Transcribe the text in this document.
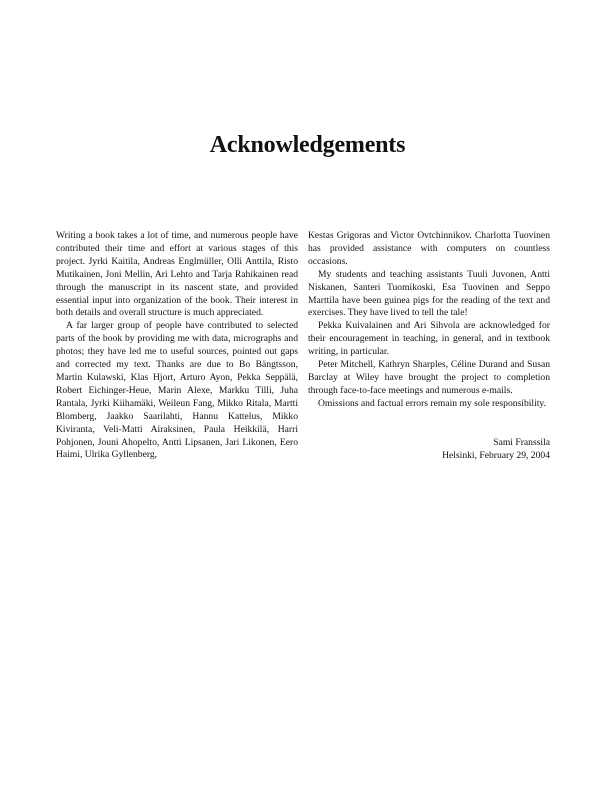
Acknowledgements

Writing a book takes a lot of time, and numerous people have contributed their time and effort at various stages of this project. Jyrki Kaitila, Andreas Englmüller, Olli Anttila, Risto Mutikainen, Joni Mellin, Ari Lehto and Tarja Rahikainen read through the manuscript in its nascent state, and provided essential input into organization of the book. Their interest in both details and overall structure is much appreciated.

A far larger group of people have contributed to selected parts of the book by providing me with data, micrographs and photos; they have led me to useful sources, pointed out gaps and corrected my text. Thanks are due to Bo Bängtsson, Martin Kulawski, Klas Hjort, Arturo Ayon, Pekka Seppälä, Robert Eichinger-Heue, Marin Alexe, Markku Tilli, Juha Rantala, Jyrki Kiihamäki, Weileun Fang, Mikko Ritala, Martti Blomberg, Jaakko Saarilahti, Hannu Kattelus, Mikko Kiviranta, Veli-Matti Airaksinen, Paula Heikkilä, Harri Pohjonen, Jouni Ahopelto, Antti Lipsanen, Jari Likonen, Eero Haimi, Ulrika Gyllenberg,

Kestas Grigoras and Victor Ovtchinnikov. Charlotta Tuovinen has provided assistance with computers on countless occasions.

My students and teaching assistants Tuuli Juvonen, Antti Niskanen, Santeri Tuomikoski, Esa Tuovinen and Seppo Marttila have been guinea pigs for the reading of the text and exercises. They have lived to tell the tale!

Pekka Kuivalainen and Ari Sihvola are acknowledged for their encouragement in teaching, in general, and in textbook writing, in particular.

Peter Mitchell, Kathryn Sharples, Céline Durand and Susan Barclay at Wiley have brought the project to completion through face-to-face meetings and numerous e-mails.

Omissions and factual errors remain my sole responsibility.

Sami Franssila
Helsinki, February 29, 2004
